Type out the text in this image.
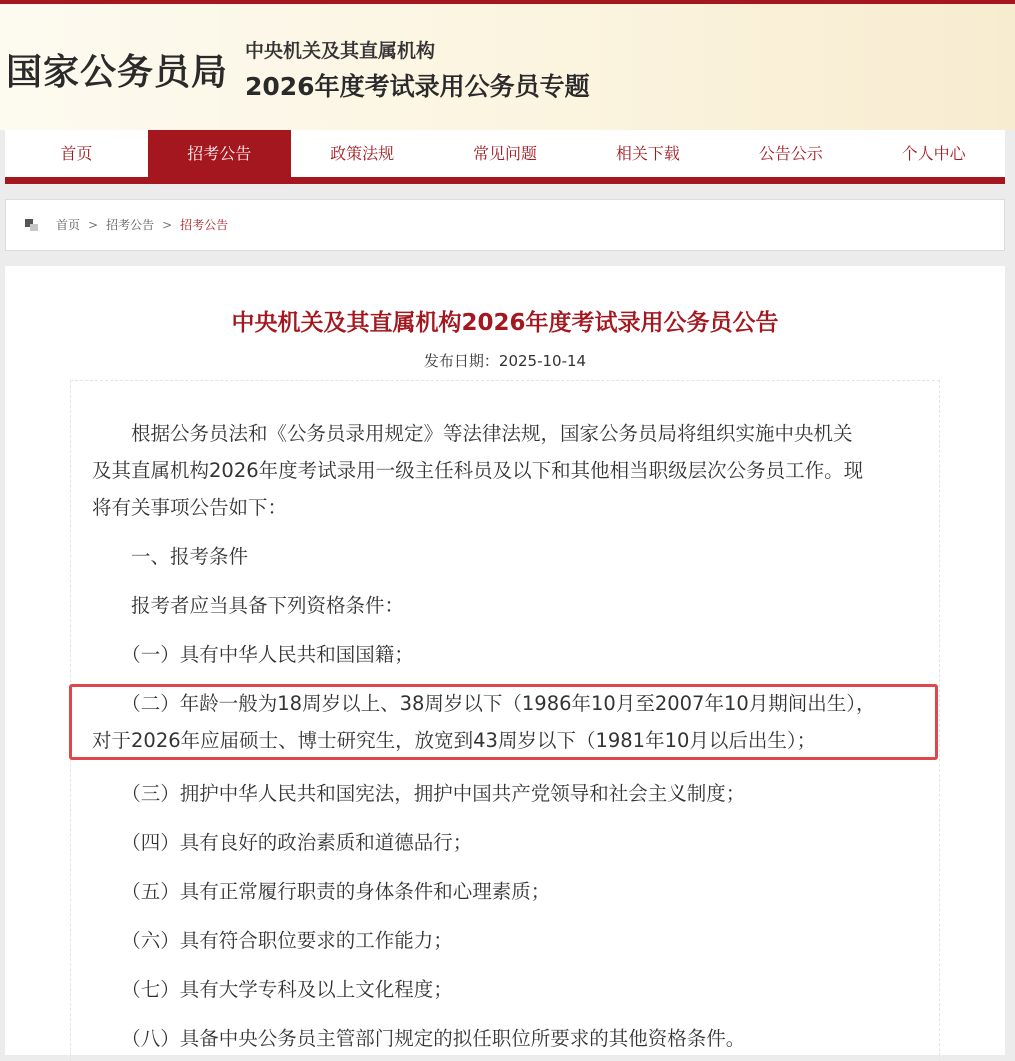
国家公务员局
中央机关及其直属机构
2026年度考试录用公务员专题
首页	招考公告	政策法规	常见问题	相关下载	公告公示	个人中心
首页 > 招考公告 > 招考公告
中央机关及其直属机构2026年度考试录用公务员公告
发布日期：2025-10-14
　　根据公务员法和《公务员录用规定》等法律法规，国家公务员局将组织实施中央机关
及其直属机构2026年度考试录用一级主任科员及以下和其他相当职级层次公务员工作。现
将有关事项公告如下：
　　一、报考条件
　　报考者应当具备下列资格条件：
　　（一）具有中华人民共和国国籍；
　　（二）年龄一般为18周岁以上、38周岁以下（1986年10月至2007年10月期间出生），
对于2026年应届硕士、博士研究生，放宽到43周岁以下（1981年10月以后出生）；
　　（三）拥护中华人民共和国宪法，拥护中国共产党领导和社会主义制度；
　　（四）具有良好的政治素质和道德品行；
　　（五）具有正常履行职责的身体条件和心理素质；
　　（六）具有符合职位要求的工作能力；
　　（七）具有大学专科及以上文化程度；
　　（八）具备中央公务员主管部门规定的拟任职位所要求的其他资格条件。
